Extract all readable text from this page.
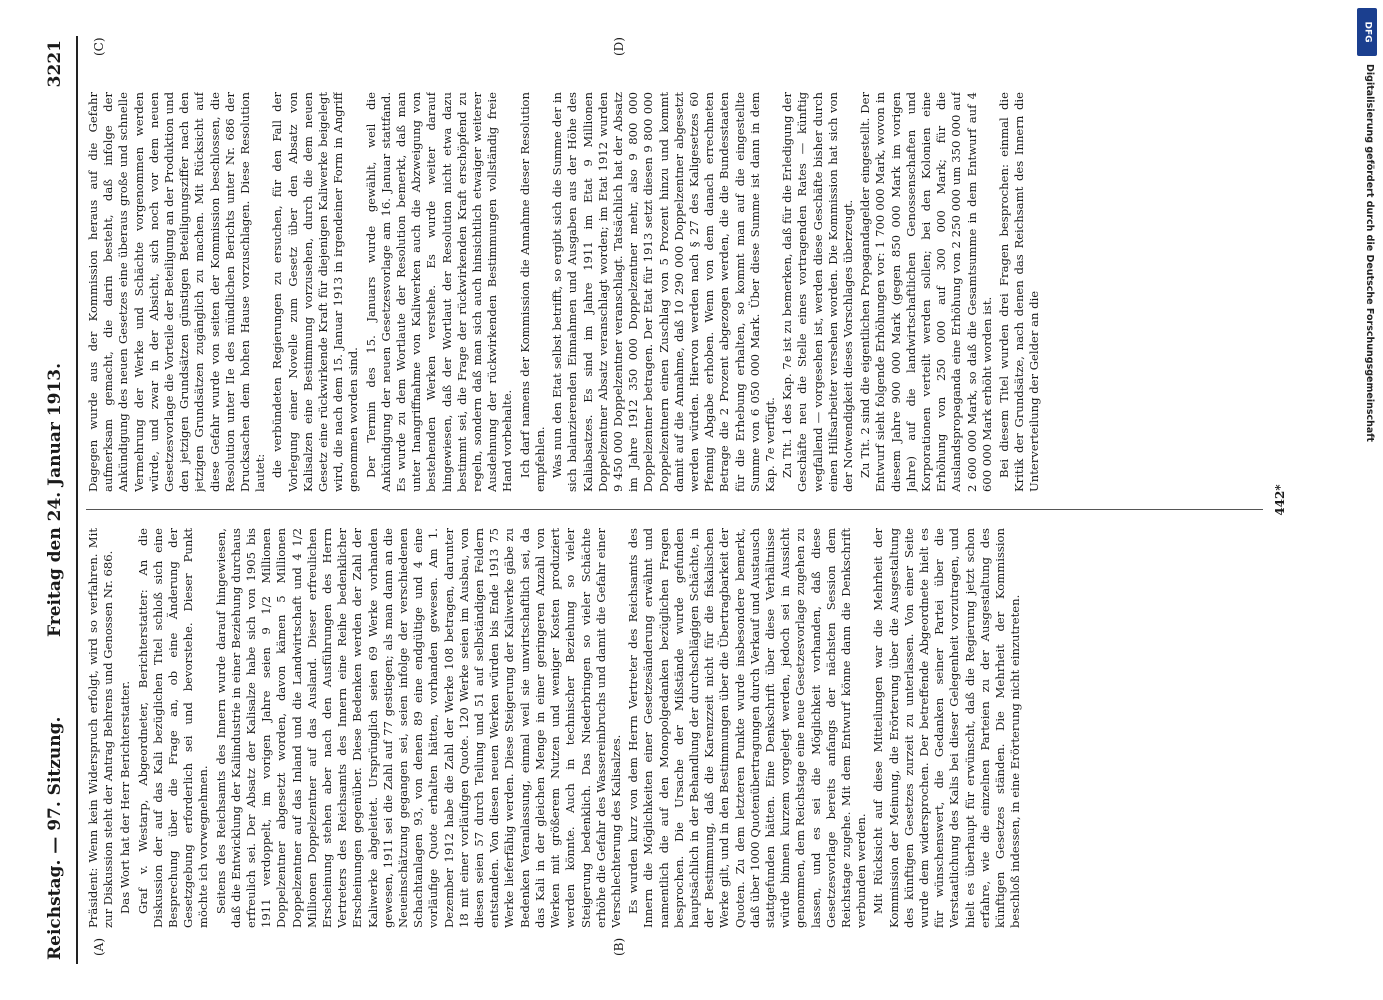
Reichstag. — 97. Sitzung.
Freitag den 24. Januar 1913.
3221
(A)	(B)
(C)	(D)

Präsident: Wenn kein Widerspruch erfolgt, wird so verfahren. Mit zur Diskussion steht der Antrag Behrens und Genossen Nr. 686. Das Wort hat der Herr Berichterstatter. Graf v. Westarp, Abgeordneter, Berichterstatter: An die Diskussion der auf das Kali bezüglichen Titel schloß sich eine Besprechung über die Frage an, ob eine Änderung der Gesetzgebung erforderlich sei und bevorstehe. Dieser Punkt möchte ich vorwegnehmen. Seitens des Reichsamts des Innern wurde darauf hingewiesen, daß die Entwicklung der Kaliindustrie in einer Beziehung durchaus erfreulich sei. Der Absatz der Kalisalze habe sich von 1905 bis 1911 verdoppelt, im vorigen Jahre seien 9 1/2 Millionen Doppelzentner abgesetzt worden, davon kämen 5 Millionen Doppelzentner auf das Inland und die Landwirtschaft und 4 1/2 Millionen Doppelzentner auf das Ausland. Dieser erfreulichen Erscheinung stehen aber nach den Ausführungen des Herrn Vertreters des Reichsamts des Innern eine Reihe bedenklicher Erscheinungen gegenüber. Diese Bedenken werden der Zahl der Kaliwerke abgeleitet. Ursprünglich seien 69 Werke vorhanden gewesen, 1911 sei die Zahl auf 77 gestiegen; als man dann an die Neueinschätzung gegangen sei, seien infolge der verschiedenen Schachtanlagen 93, von denen 89 eine endgültige und 4 eine vorläufige Quote erhalten hätten, vorhanden gewesen. Am 1. Dezember 1912 habe die Zahl der Werke 108 betragen, darunter 18 mit einer vorläufigen Quote. 120 Werke seien im Ausbau, von diesen seien 57 durch Teilung und 51 auf selbständigen Feldern entstanden. Von diesen neuen Werken würden bis Ende 1913 75 Werke lieferfähig werden. Diese Steigerung der Kaliwerke gäbe zu Bedenken Veranlassung, einmal weil sie unwirtschaftlich sei, da das Kali in der gleichen Menge in einer geringeren Anzahl von Werken mit größerem Nutzen und weniger Kosten produziert werden könnte. Auch in technischer Beziehung so vieler Steigerung bedenklich. Das Niederbringen so vieler Schächte erhöhe die Gefahr des Wassereinbruchs und damit die Gefahr einer Verschlechterung des Kalisalzes. Es wurden kurz von dem Herrn Vertreter des Reichsamts des Innern die Möglichkeiten einer Gesetzesänderung erwähnt und namentlich die auf den Monopolgedanken bezüglichen Fragen besprochen. Die Ursache der Mißstände wurde gefunden hauptsächlich in der Behandlung der durchschlägigen Schächte, in der Bestimmung, daß die Karenzzeit nicht für die fiskalischen Werke gilt, und in den Bestimmungen über die Übertragbarkeit der Quoten. Zu dem letzteren Punkte wurde insbesondere bemerkt, daß über 1000 Quotenübertragungen durch Verkauf und Austausch stattgefunden hätten. Eine Denkschrift über diese Verhältnisse würde binnen kurzem vorgelegt werden, jedoch sei in Aussicht genommen, dem Reichstage eine neue Gesetzesvorlage zugehen zu lassen, und es sei die Möglichkeit vorhanden, daß diese Gesetzesvorlage bereits anfangs der nächsten Session dem Reichstage zugehe. Mit dem Entwurf könne dann die Denkschrift verbunden werden. Mit Rücksicht auf diese Mitteilungen war die Mehrheit der Kommission der Meinung, die Erörterung über die Ausgestaltung des künftigen Gesetzes zurzeit zu unterlassen. Von einer Seite wurde dem widersprochen. Der betreffende Abgeordnete hielt es für wünschenswert, die Gedanken seiner Partei über die Verstaatlichung des Kalis bei dieser Gelegenheit vorzutragen, und hielt es überhaupt für erwünscht, daß die Regierung jetzt schon erfahre, wie die einzelnen Parteien zu der Ausgestaltung des künftigen Gesetzes ständen. Die Mehrheit der Kommission beschloß indessen, in eine Erörterung nicht einzutreten.

Dagegen wurde aus der Kommission heraus auf die Gefahr aufmerksam gemacht, die darin besteht, daß infolge der Ankündigung des neuen Gesetzes eine überaus große und schnelle Vermehrung der Werke und Schächte vorgenommen werden würde, und zwar in der Absicht, sich noch vor dem neuen Gesetzesvorlage die Vorteile der Beteiligung an der Produktion und den jetzigen Grundsätzen günstigen Beteiligungsziffer nach den jetzigen Grundsätzen zugänglich zu machen. Mit Rücksicht auf diese Gefahr wurde von seiten der Kommission beschlossen, die Resolution unter IIe des mündlichen Berichts unter Nr. 686 der Drucksachen dem hohen Hause vorzuschlagen. Diese Resolution lautet: die verbündeten Regierungen zu ersuchen, für den Fall der Vorlegung einer Novelle zum Gesetz über den Absatz von Kalisalzen eine Bestimmung vorzusehen, durch die dem neuen Gesetz eine rückwirkende Kraft für diejenigen Kaliwerke beigelegt wird, die nach dem 15. Januar 1913 in irgendeiner Form in Angriff genommen worden sind. Der Termin des 15. Januars wurde gewählt, weil die Ankündigung der neuen Gesetzesvorlage am 16. Januar stattfand. Es wurde zu dem Wortlaute der Resolution bemerkt, daß man unter Inangriffnahme von Kaliwerken auch die Abzweigung von bestehenden Werken verstehe. Es wurde weiter darauf hingewiesen, daß der Wortlaut der Resolution nicht etwa dazu bestimmt sei, die Frage der rückwirkenden Kraft erschöpfend zu regeln, sondern daß man sich auch hinsichtlich etwaiger weiterer Ausdehnung der rückwirkenden Bestimmungen vollständig freie Hand vorbehalte. Ich darf namens der Kommission die Annahme dieser Resolution empfehlen. Was nun den Etat selbst betrifft, so ergibt sich die Summe der in sich balanzierenden Einnahmen und Ausgaben aus der Höhe des Kaliabsatzes. Es sind im Jahre 1911 im Etat 9 Millionen Doppelzentner Absatz veranschlagt worden; im Etat 1912 wurden 9 450 000 Doppelzentner veranschlagt. Tatsächlich hat der Absatz im Jahre 1912 350 000 Doppelzentner mehr, also 9 800 000 Doppelzentner betragen. Der Etat für 1913 setzt diesen 9 800 000 Doppelzentnern einen Zuschlag von 5 Prozent hinzu und kommt damit auf die Annahme, daß 10 290 000 Doppelzentner abgesetzt werden würden. Hiervon werden nach § 27 des Kaligesetzes 60 Pfennig Abgabe erhoben. Wenn von dem danach errechneten Betrage die 2 Prozent abgezogen werden, die die Bundesstaaten für die Erhebung erhalten, so kommt man auf die eingestellte Summe von 6 050 000 Mark. Über diese Summe ist dann in dem Kap. 7e verfügt. Zu Tit. 1 des Kap. 7e ist zu bemerken, daß für die Erledigung der Geschäfte neu die Stelle eines vortragenden Rates — künftig wegfallend — vorgesehen ist, werden diese Geschäfte bisher durch einen Hilfsarbeiter versehen worden. Die Kommission hat sich von der Notwendigkeit dieses Vorschlages überzeugt. Zu Tit. 2 sind die eigentlichen Propagandagelder eingestellt. Der Entwurf sieht folgende Erhöhungen vor: 1 700 000 Mark, wovon in diesem Jahre 900 000 Mark (gegen 850 000 Mark im vorigen Jahre) auf die landwirtschaftlichen Genossenschaften und Korporationen verteilt werden sollen; bei den Kolonien eine Erhöhung von 250 000 auf 300 000 Mark; für die Auslandspropaganda eine Erhöhung von 2 250 000 um 350 000 auf 2 600 000 Mark, so daß die Gesamtsumme in dem Entwurf auf 4 600 000 Mark erhöht worden ist. Bei diesem Titel wurden drei Fragen besprochen: einmal die Kritik der Grundsätze, nach denen das Reichsamt des Innern die Unterverteilung der Gelder an die

442*
DFG
Digitalisierung gefördert durch die Deutsche Forschungsgemeinschaft
